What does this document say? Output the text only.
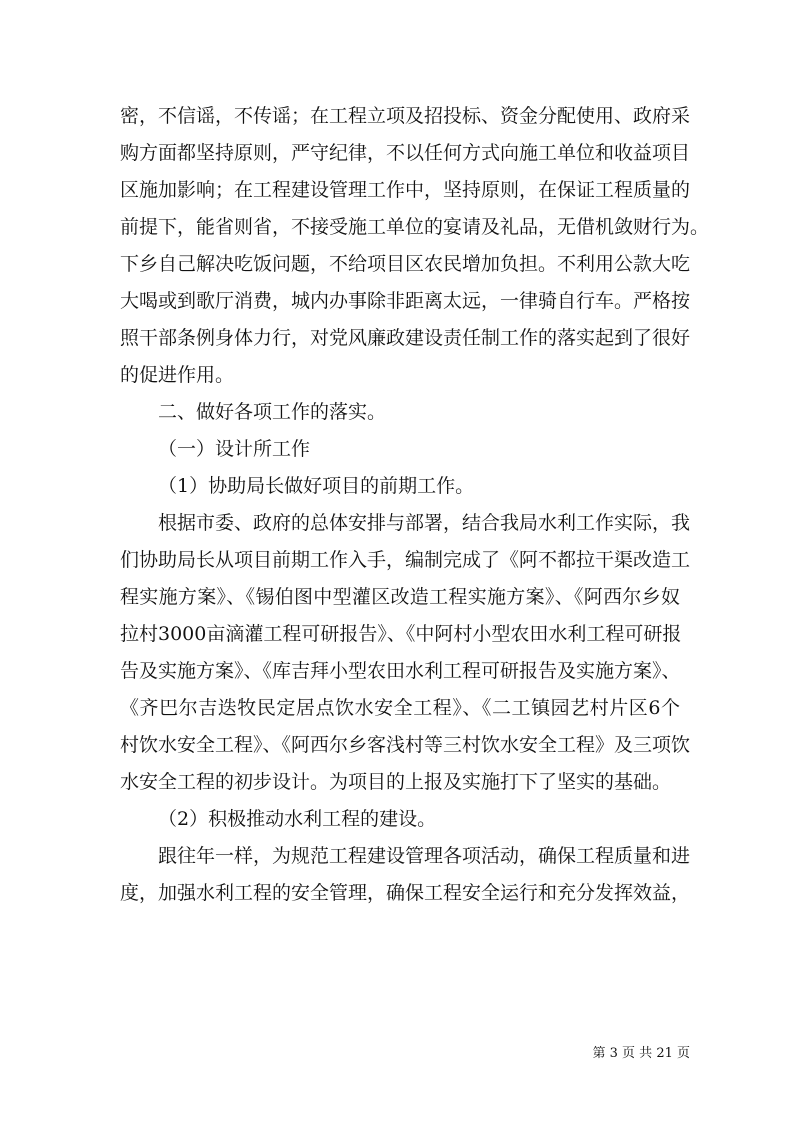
密，不信谣，不传谣；在工程立项及招投标、资金分配使用、政府采
购方面都坚持原则，严守纪律，不以任何方式向施工单位和收益项目
区施加影响；在工程建设管理工作中，坚持原则，在保证工程质量的
前提下，能省则省，不接受施工单位的宴请及礼品，无借机敛财行为。
下乡自己解决吃饭问题，不给项目区农民增加负担。不利用公款大吃
大喝或到歌厅消费，城内办事除非距离太远，一律骑自行车。严格按
照干部条例身体力行，对党风廉政建设责任制工作的落实起到了很好
的促进作用。
二、做好各项工作的落实。
（一）设计所工作
（1）协助局长做好项目的前期工作。
根据市委、政府的总体安排与部署，结合我局水利工作实际，我
们协助局长从项目前期工作入手，编制完成了《阿不都拉干渠改造工
程实施方案》、《锡伯图中型灌区改造工程实施方案》、《阿西尔乡奴
拉村3000亩滴灌工程可研报告》、《中阿村小型农田水利工程可研报
告及实施方案》、《库吉拜小型农田水利工程可研报告及实施方案》、
《齐巴尔吉迭牧民定居点饮水安全工程》、《二工镇园艺村片区6个
村饮水安全工程》、《阿西尔乡客浅村等三村饮水安全工程》及三项饮
水安全工程的初步设计。为项目的上报及实施打下了坚实的基础。
（2）积极推动水利工程的建设。
跟往年一样，为规范工程建设管理各项活动，确保工程质量和进
度，加强水利工程的安全管理，确保工程安全运行和充分发挥效益，
第 3 页 共 21 页
